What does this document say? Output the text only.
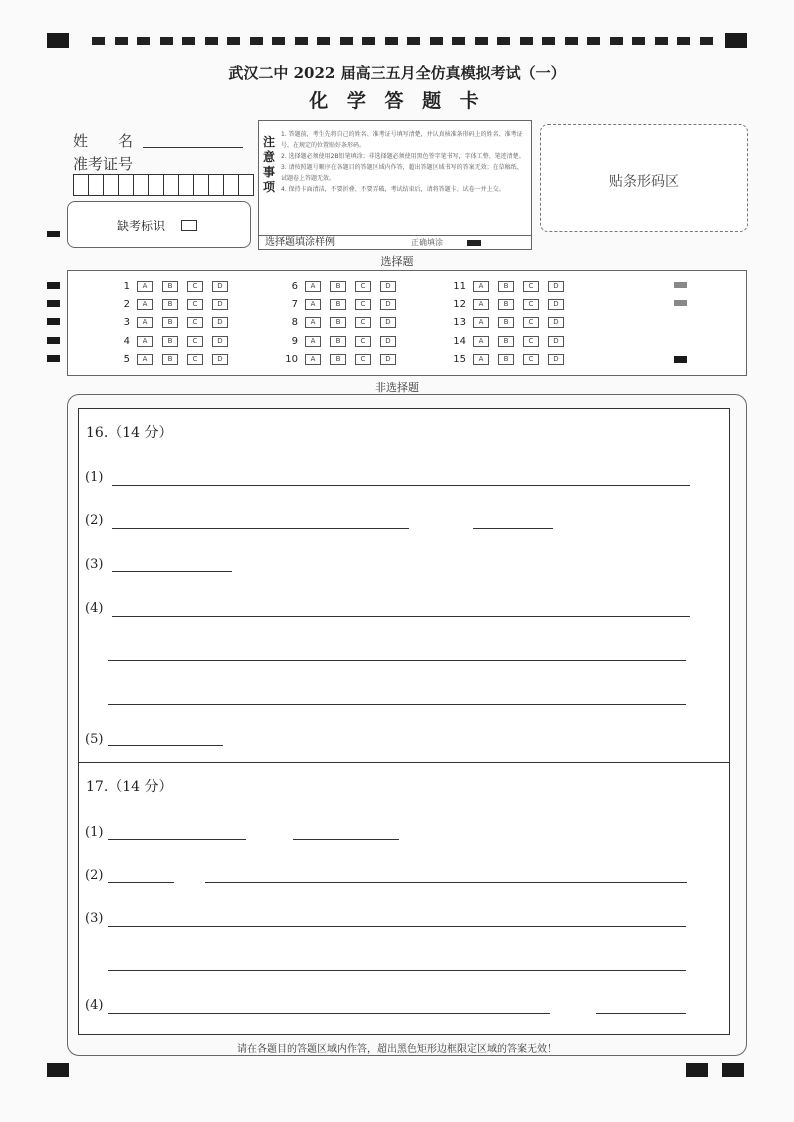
武汉二中 2022 届高三五月全仿真模拟考试（一）
化 学 答 题 卡
姓　　名
准考证号
缺考标识
注意事项
1. 答题前，考生先将自己的姓名、准考证号填写清楚，并认真核准条形码上的姓名、准考证号，在规定的位置贴好条形码。
2. 选择题必须使用2B铅笔填涂；非选择题必须使用黑色签字笔书写，字体工整、笔迹清楚。
3. 请按照题号顺序在各题目的答题区域内作答，超出答题区域书写的答案无效；在草稿纸、试题卷上答题无效。
4. 保持卡面清洁，不要折叠、不要弄破，考试结束后，请将答题卡、试卷一并上交。
选择题填涂样例	正确填涂
贴条形码区
选择题
1	A	B	C	D
2	A	B	C	D
3	A	B	C	D
4	A	B	C	D
5	A	B	C	D
6	A	B	C	D
7	A	B	C	D
8	A	B	C	D
9	A	B	C	D
10	A	B	C	D
11	A	B	C	D
12	A	B	C	D
13	A	B	C	D
14	A	B	C	D
15	A	B	C	D
非选择题
16.（14 分）
(1)
(2)
(3)
(4)
(5)
17.（14 分）
(1)
(2)
(3)
(4)
请在各题目的答题区域内作答，超出黑色矩形边框限定区域的答案无效！
